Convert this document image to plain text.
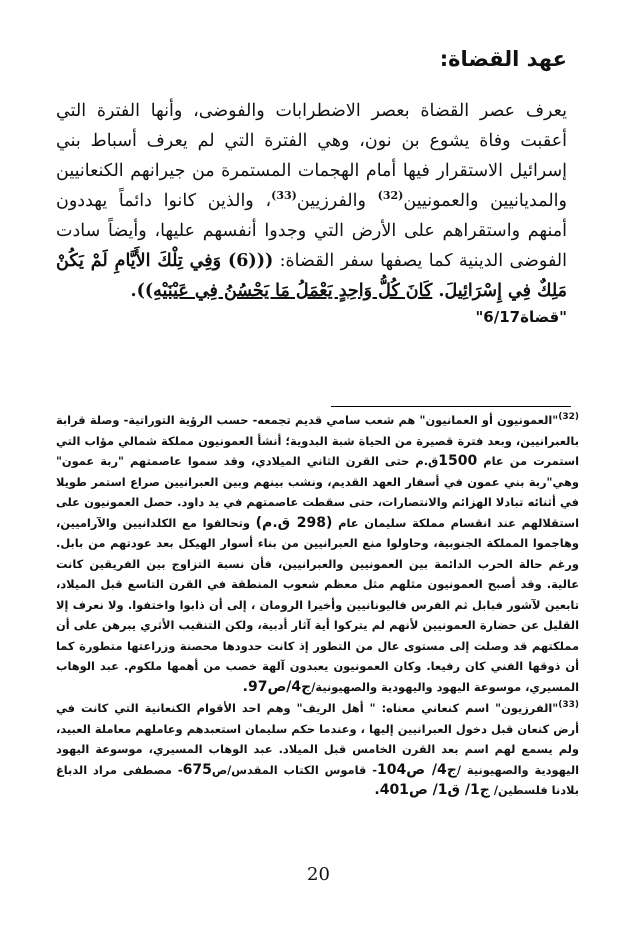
عهد القضاة:

يعرف عصر القضاة بعصر الاضطرابات والفوضى، وأنها الفترة التي أعقبت وفاة يشوع بن نون، وهي الفترة التي لم يعرف أسباط بني إسرائيل الاستقرار فيها أمام الهجمات المستمرة من جيرانهم الكنعانيين والمديانيين والعمونيين$^{(32)}$ والفرزيين$^{(33)}$، والذين كانوا دائماً يهددون أمنهم واستقراهم على الأرض التي وجدوا أنفسهم عليها، وأيضاً سادت الفوضى الدينية كما يصفها سفر القضاة: (((6) وَفِي تِلْكَ الأَيَّامِ لَمْ يَكُنْ مَلِكٌ فِي إِسْرَائِيلَ. كَانَ كُلُّ وَاحِدٍ يَعْمَلُ مَا يَحْسُنُ فِي عَيْنَيْهِ)).

"قضاة6/17"

$^{(32)}$"العمونيون أو العمانيون" هم شعب سامي قديم تجمعه- حسب الرؤية التوراتية- وصلة قرابة بالعبرانيين، وبعد فترة قصيرة من الحياة شبة البدوية؛ أنشأ العمونيون مملكة شمالي مؤاب التي استمرت من عام 1500ق.م حتى القرن الثاني الميلادي، وقد سموا عاصمتهم "ربة عمون" وهي"ربة بني عمون في أسفار العهد القديم، ونشب بينهم وبين العبرانيين صراع استمر طويلا في أثنائه تبادلا الهزائم والانتصارات، حتى سقطت عاصمتهم في يد داود. حصل العمونيون على استقلالهم عند انقسام مملكة سليمان عام (298 ق.م) وتحالفوا مع الكلدانيين والآراميين، وهاجموا المملكة الجنوبية، وحاولوا منع العبرانيين من بناء أسوار الهيكل بعد عودتهم من بابل. ورغم حالة الحرب الدائمة بين العمونيين والعبرانيين، فأن نسبة التزاوج بين الفريقين كانت عالية. وقد أصبح العمونيون مثلهم مثل معظم شعوب المنطقة في القرن التاسع قبل الميلاد، تابعين لآشور فبابل ثم الفرس فاليونانيين وأخيرا الرومان ، إلى أن ذابوا واختفوا. ولا نعرف إلا القليل عن حضارة العمونيين لأنهم لم يتركوا أية آثار أدبية، ولكن التنقيب الأثري يبرهن على أن مملكتهم قد وصلت إلى مستوى عال من التطور إذ كانت حدودها محصنة وزراعتها متطورة كما أن ذوقها الفني كان رفيعا. وكان العمونيون يعبدون آلهة خصب من أهمها ملكوم. عبد الوهاب المسيري، موسوعة اليهود واليهودية والصهيونية/ج4/ص97.

$^{(33)}$"الفرزيون" اسم كنعاني معناه: " أهل الريف" وهم احد الأقوام الكنعانية التي كانت في أرض كنعان قبل دخول العبرانيين إليها ، وعندما حكم سليمان استعبدهم وعاملهم معاملة العبيد، ولم يسمع لهم اسم بعد القرن الخامس قبل الميلاد. عبد الوهاب المسيري، موسوعة اليهود اليهودية والصهيونية /ج4/ ص104- قاموس الكتاب المقدس/ص675- مصطفى مراد الدباغ بلادنا فلسطين/ ج1/ ق1/ ص401.

20
